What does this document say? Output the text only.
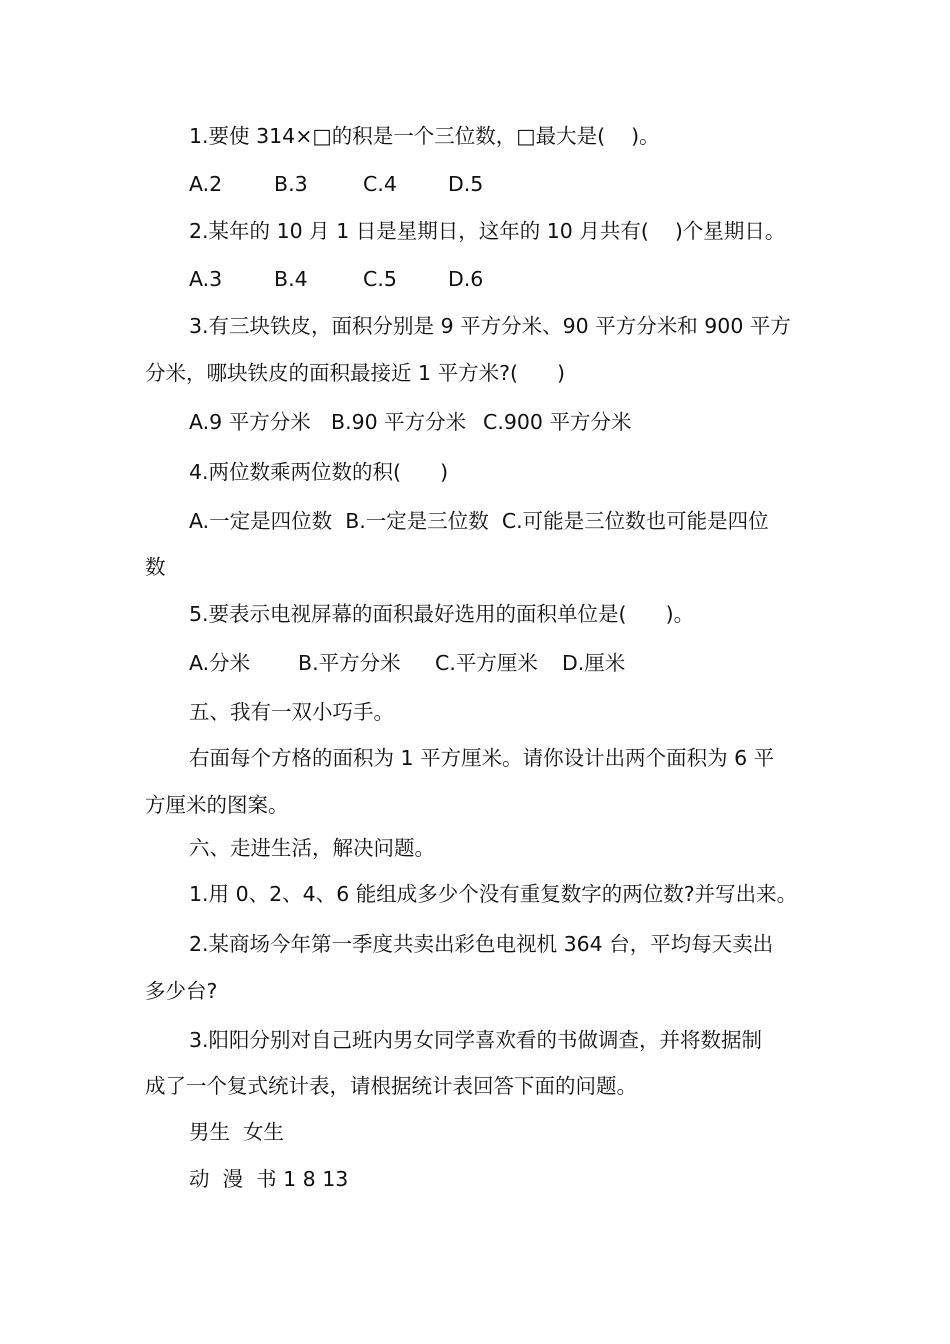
1.要使 314×□的积是一个三位数，□最大是(    )。
A.2	B.3	C.4	D.5
2.某年的 10 月 1 日是星期日，这年的 10 月共有(    )个星期日。
A.3	B.4	C.5	D.6
3.有三块铁皮，面积分别是 9 平方分米、90 平方分米和 900 平方
分米，哪块铁皮的面积最接近 1 平方米?(      )
A.9 平方分米 B.90 平方分米 C.900 平方分米
4.两位数乘两位数的积(      )
A.一定是四位数  B.一定是三位数  C.可能是三位数也可能是四位
数
5.要表示电视屏幕的面积最好选用的面积单位是(      )。
A.分米	B.平方分米	C.平方厘米	D.厘米
五、我有一双小巧手。
右面每个方格的面积为 1 平方厘米。请你设计出两个面积为 6 平
方厘米的图案。
六、走进生活，解决问题。
1.用 0、2、4、6 能组成多少个没有重复数字的两位数?并写出来。
2.某商场今年第一季度共卖出彩色电视机 364 台，平均每天卖出
多少台?
3.阳阳分别对自己班内男女同学喜欢看的书做调查，并将数据制
成了一个复式统计表，请根据统计表回答下面的问题。
男生  女生
动  漫  书 1 8 13
